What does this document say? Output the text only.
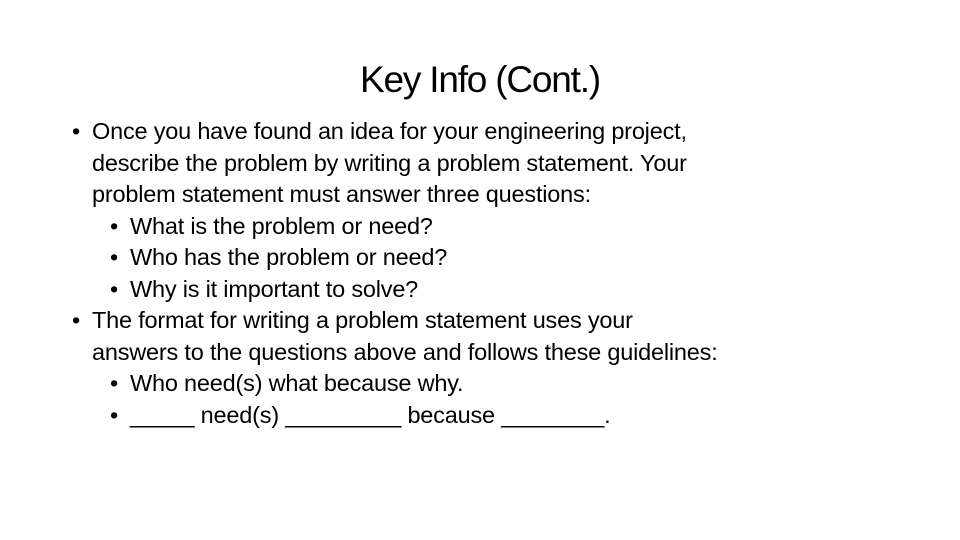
Key Info (Cont.)
• Once you have found an idea for your engineering project,
describe the problem by writing a problem statement. Your
problem statement must answer three questions:
• What is the problem or need?
• Who has the problem or need?
• Why is it important to solve?
• The format for writing a problem statement uses your
answers to the questions above and follows these guidelines:
• Who need(s) what because why.
• _____ need(s) _________ because ________.
